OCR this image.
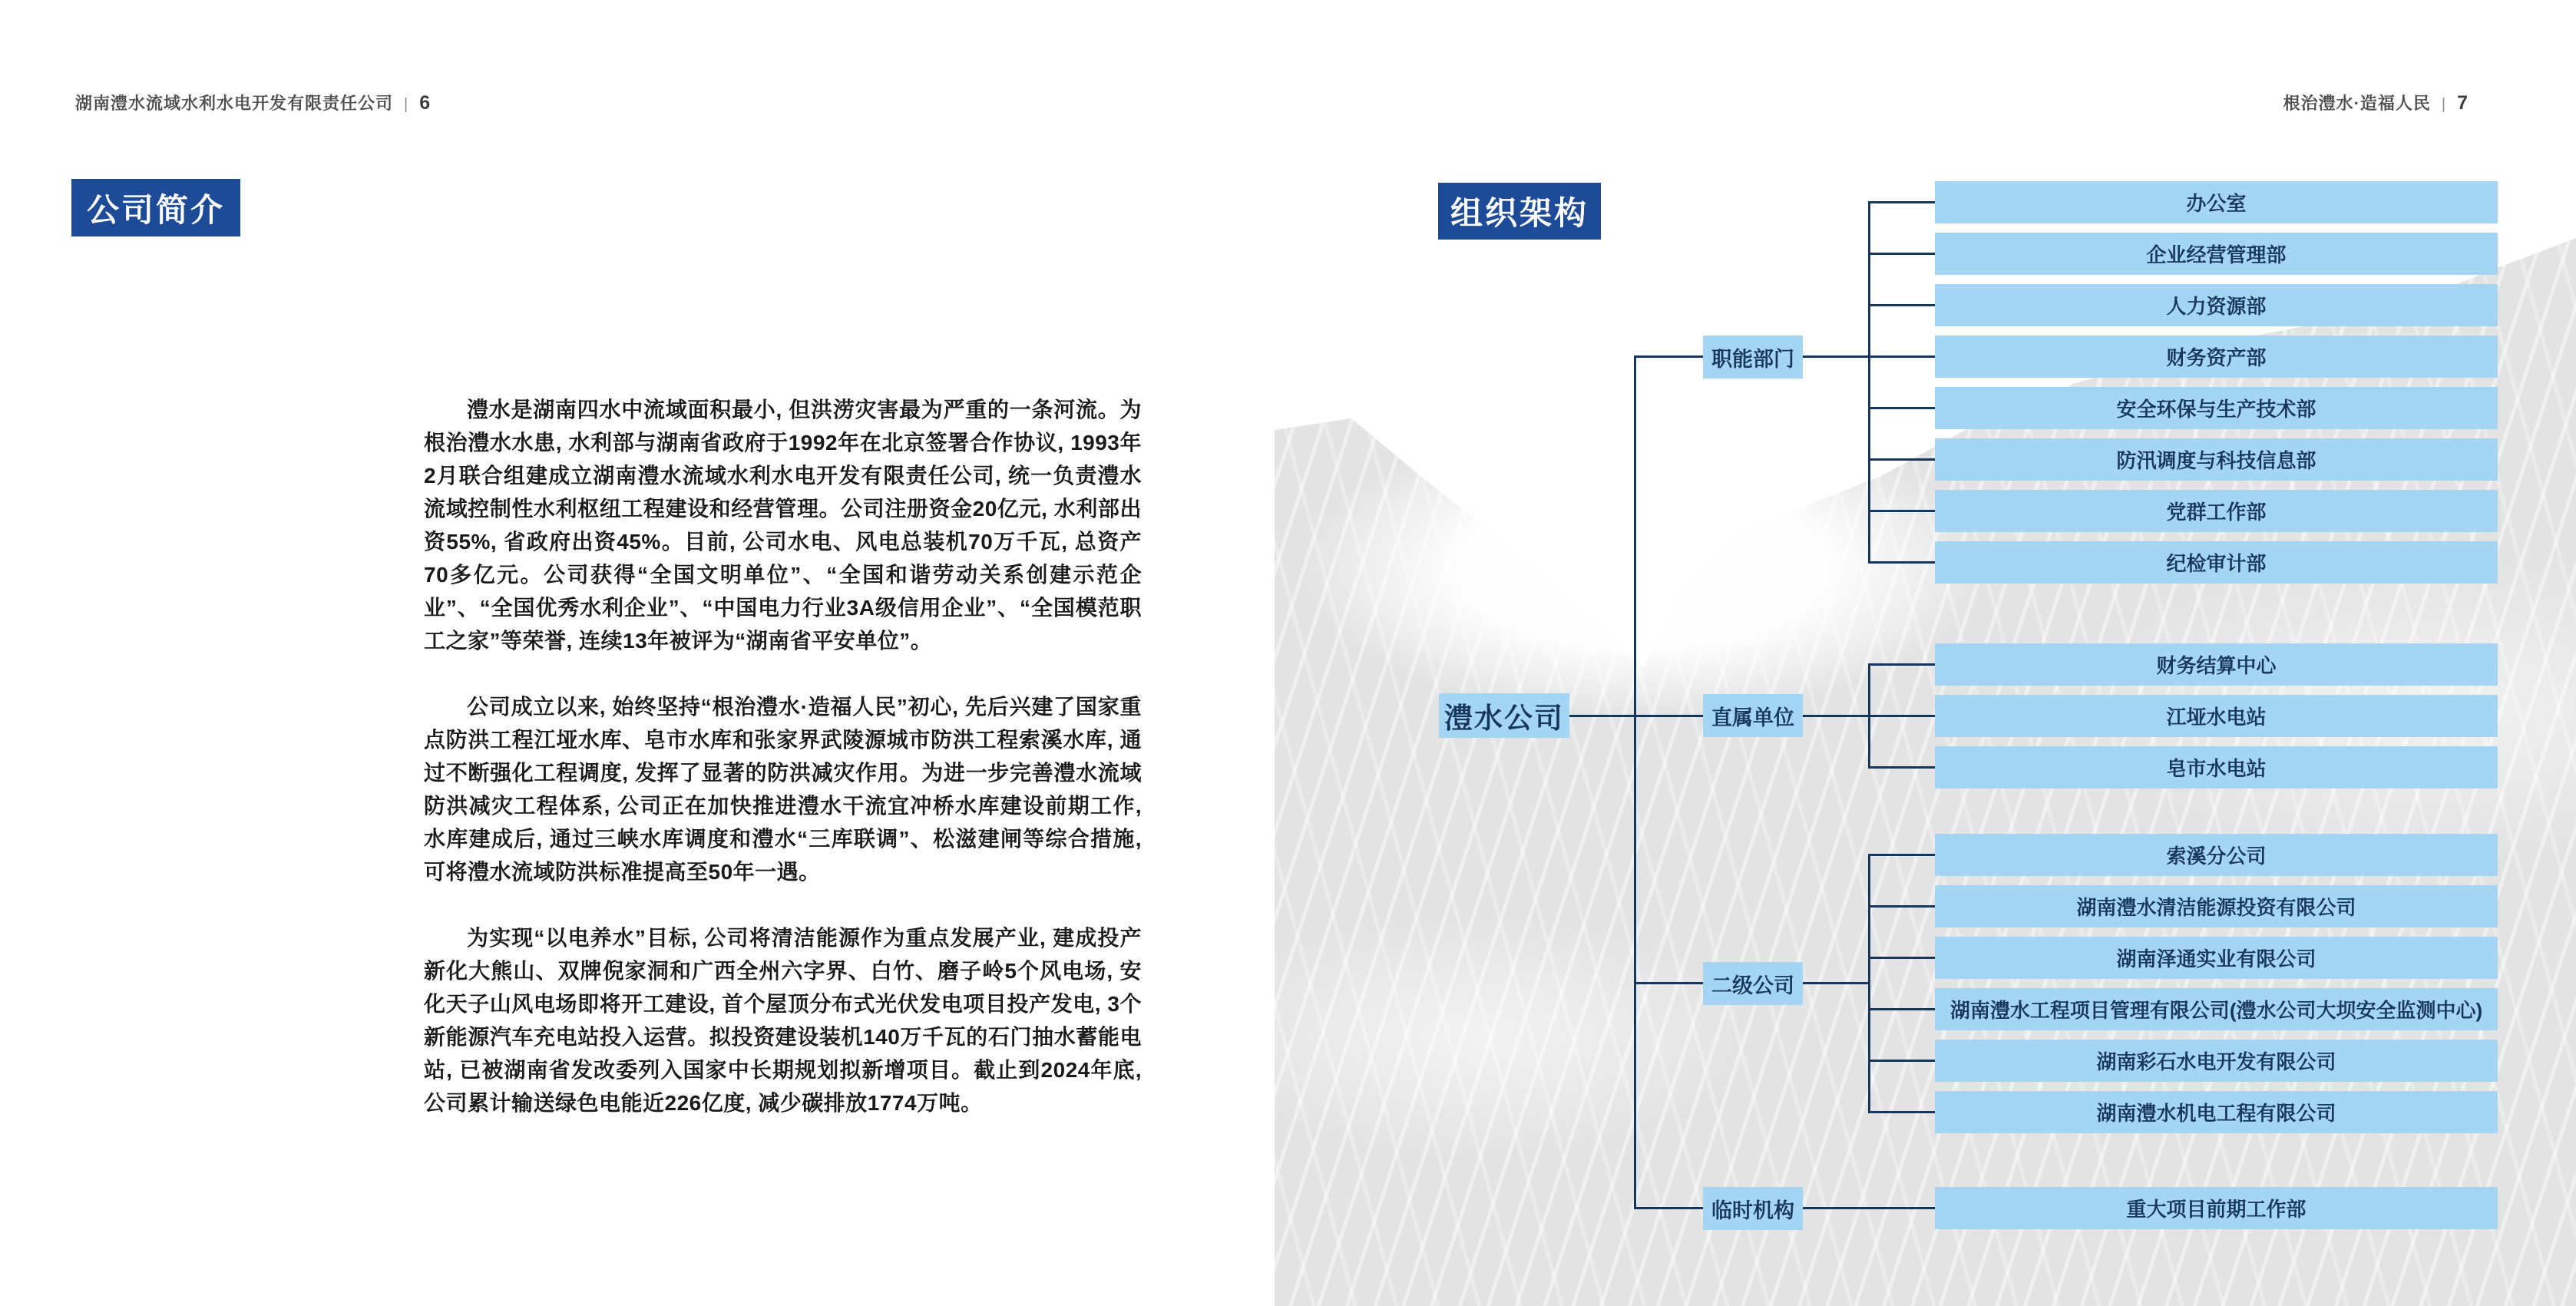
湖南澧水流域水利水电开发有限责任公司 | 6
公司简介

澧水是湖南四水中流域面积最小, 但洪涝灾害最为严重的一条河流。为根治澧水水患, 水利部与湖南省政府于1992年在北京签署合作协议, 1993年2月联合组建成立湖南澧水流域水利水电开发有限责任公司, 统一负责澧水流域控制性水利枢纽工程建设和经营管理。公司注册资金20亿元, 水利部出资55%, 省政府出资45%。目前, 公司水电、风电总装机70万千瓦, 总资产70多亿元。公司获得“全国文明单位”、“全国和谐劳动关系创建示范企业”、“全国优秀水利企业”、“中国电力行业3A级信用企业”、“全国模范职工之家”等荣誉, 连续13年被评为“湖南省平安单位”。

公司成立以来, 始终坚持“根治澧水·造福人民”初心, 先后兴建了国家重点防洪工程江垭水库、皂市水库和张家界武陵源城市防洪工程索溪水库, 通过不断强化工程调度, 发挥了显著的防洪减灾作用。为进一步完善澧水流域防洪减灾工程体系, 公司正在加快推进澧水干流宜冲桥水库建设前期工作, 水库建成后, 通过三峡水库调度和澧水“三库联调”、松滋建闸等综合措施, 可将澧水流域防洪标准提高至50年一遇。

为实现“以电养水”目标, 公司将清洁能源作为重点发展产业, 建成投产新化大熊山、双牌倪家洞和广西全州六字界、白竹、磨子岭5个风电场, 安化天子山风电场即将开工建设, 首个屋顶分布式光伏发电项目投产发电, 3个新能源汽车充电站投入运营。拟投资建设装机140万千瓦的石门抽水蓄能电站, 已被湖南省发改委列入国家中长期规划拟新增项目。截止到2024年底, 公司累计输送绿色电能近226亿度, 减少碳排放1774万吨。

根治澧水·造福人民 | 7
组织架构
澧水公司
职能部门
直属单位
二级公司
临时机构
办公室
企业经营管理部
人力资源部
财务资产部
安全环保与生产技术部
防汛调度与科技信息部
党群工作部
纪检审计部
财务结算中心
江垭水电站
皂市水电站
索溪分公司
湖南澧水清洁能源投资有限公司
湖南泽通实业有限公司
湖南澧水工程项目管理有限公司(澧水公司大坝安全监测中心)
湖南彩石水电开发有限公司
湖南澧水机电工程有限公司
重大项目前期工作部
